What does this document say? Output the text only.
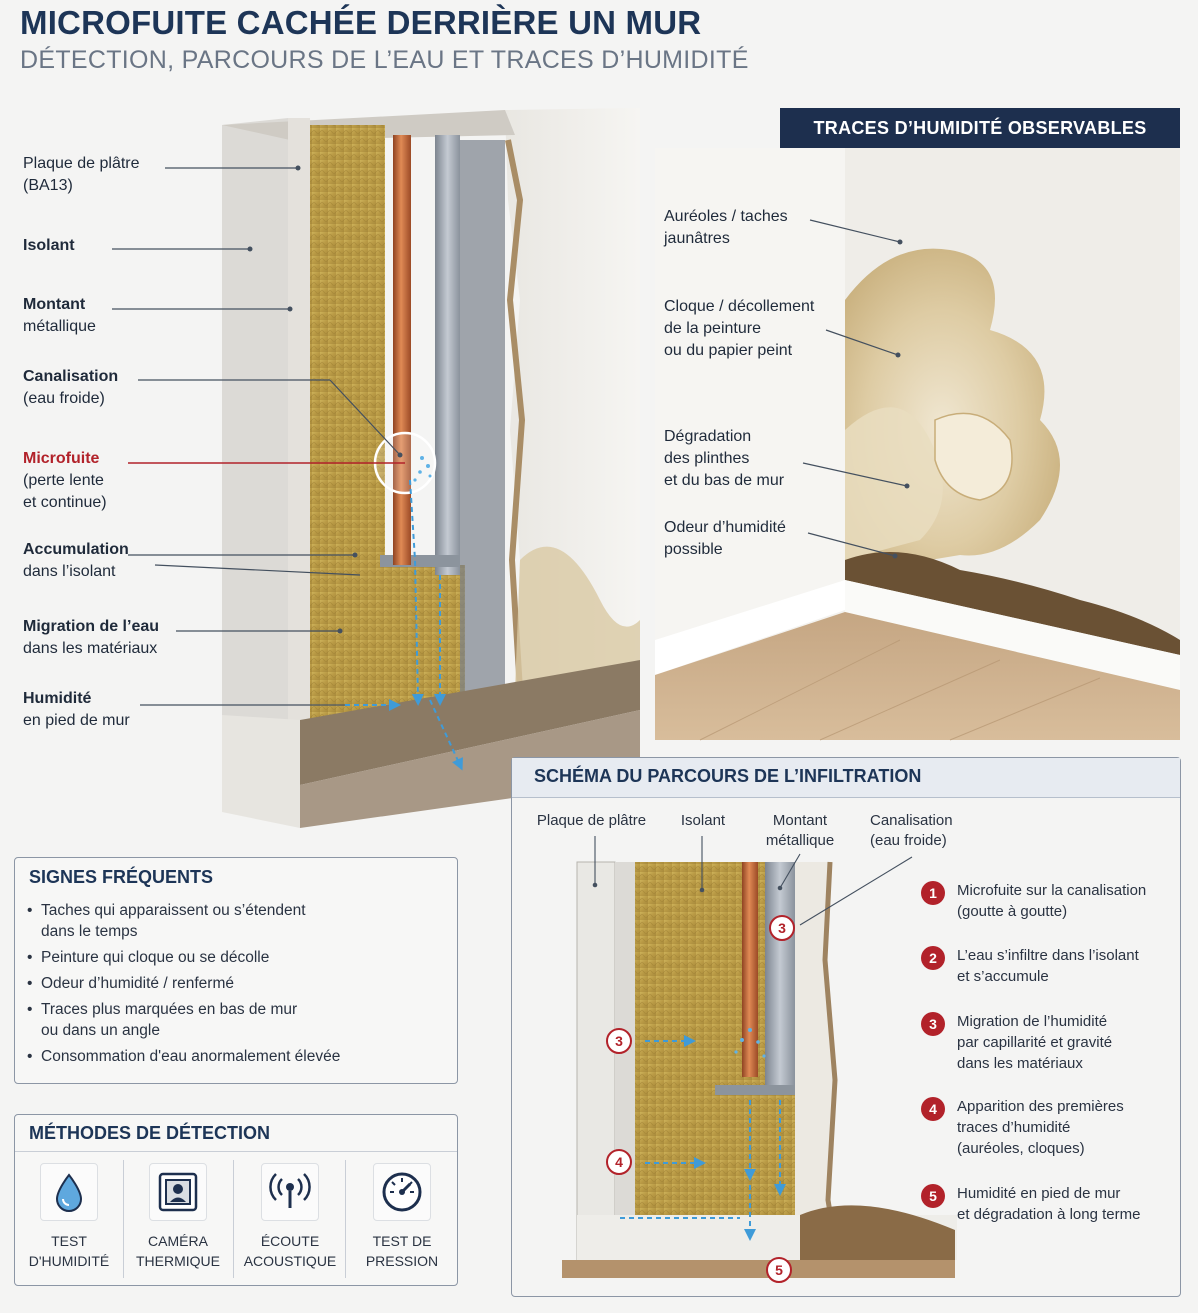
MICROFUITE CACHÉE DERRIÈRE UN MUR
DÉTECTION, PARCOURS DE L’EAU ET TRACES D’HUMIDITÉ
Plaque de plâtre
(BA13)
Isolant
Montant
métallique
Canalisation
(eau froide)
Microfuite
(perte lente
et continue)
Accumulation
dans l’isolant
Migration de l’eau
dans les matériaux
Humidité
en pied de mur
TRACES D’HUMIDITÉ OBSERVABLES
Auréoles / taches
jaunâtres
Cloque / décollement
de la peinture
ou du papier peint
Dégradation
des plinthes
et du bas de mur
Odeur d’humidité
possible
SIGNES FRÉQUENTS
• Taches qui apparaissent ou s’étendent
dans le temps
• Peinture qui cloque ou se décolle
• Odeur d’humidité / renfermé
• Traces plus marquées en bas de mur
ou dans un angle
• Consommation d'eau anormalement élevée
MÉTHODES DE DÉTECTION
TEST
D'HUMIDITÉ
CAMÉRA
THERMIQUE
ÉCOUTE
ACOUSTIQUE
TEST DE
PRESSION
SCHÉMA DU PARCOURS DE L’INFILTRATION
Plaque de plâtre	Isolant	Montant
métallique
Canalisation
(eau froide)
3
3
4
5
1	Microfuite sur la canalisation
(goutte à goutte)
2	L’eau s’infiltre dans l’isolant
et s’accumule
3	Migration de l’humidité
par capillarité et gravité
dans les matériaux
4	Apparition des premières
traces d’humidité
(auréoles, cloques)
5	Humidité en pied de mur
et dégradation à long terme
